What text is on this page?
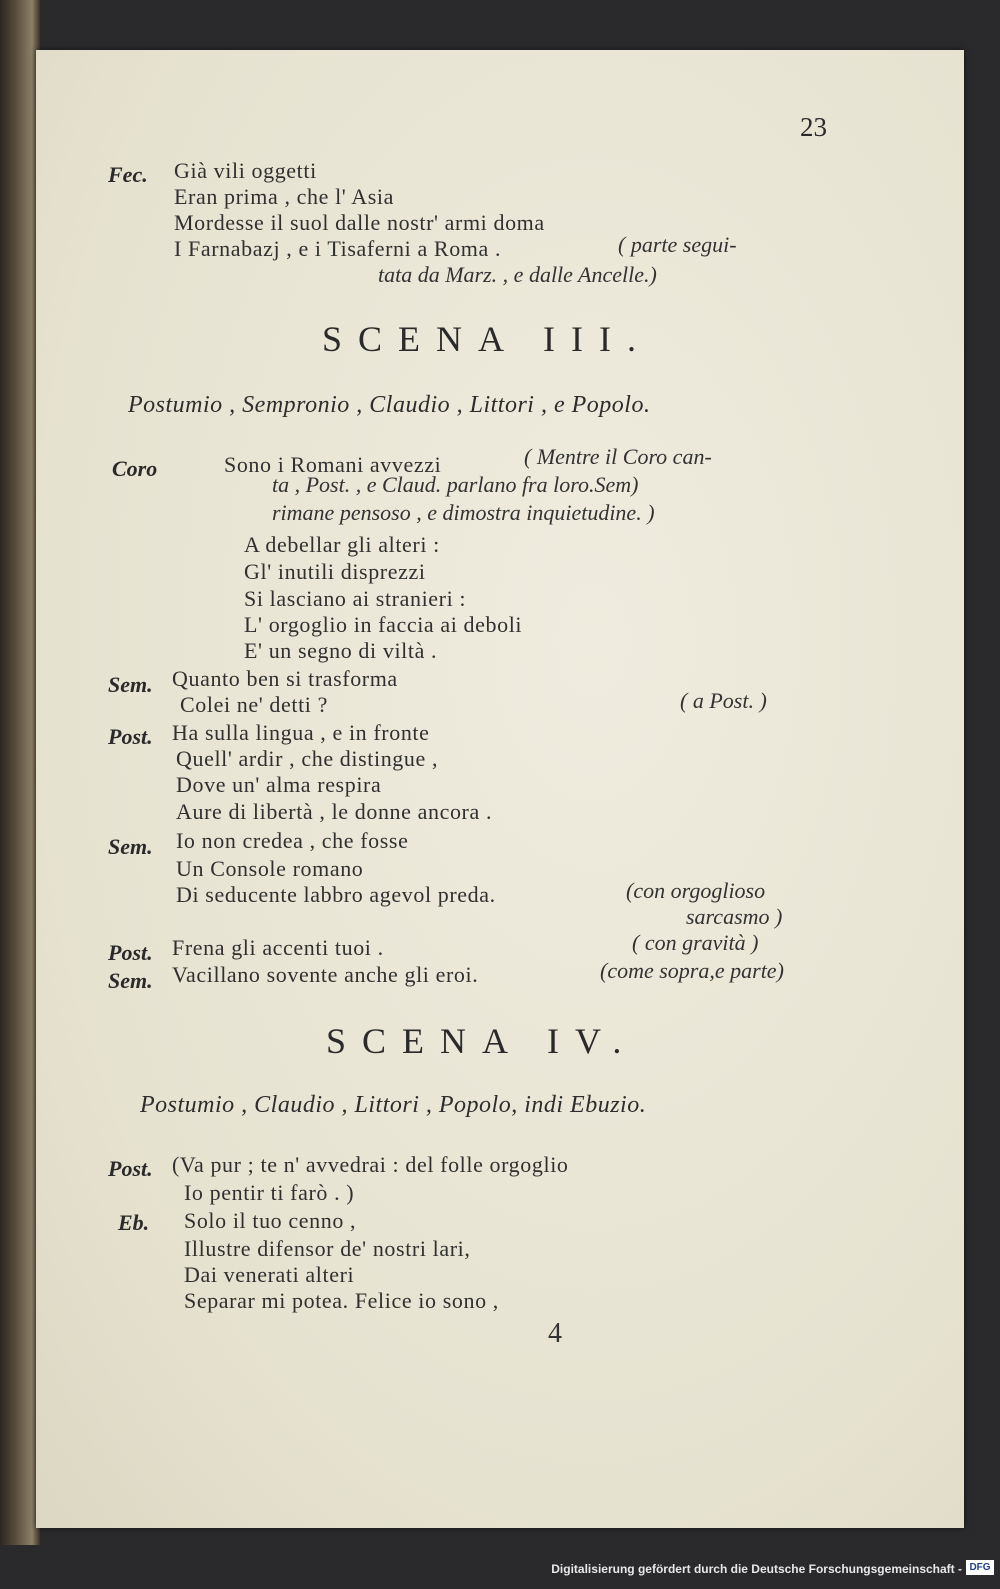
23
Fec. Già vili oggetti
Eran prima , che l' Asia
Mordesse il suol dalle nostr' armi doma
I Farnabazj , e i Tisaferni a Roma .	( parte segui-
tata da Marz. , e dalle Ancelle.)
SCENA III.
Postumio , Sempronio , Claudio , Littori , e Popolo.
Coro	Sono i Romani avvezzi	( Mentre il Coro can-
ta , Post. , e Claud. parlano fra loro.Sem)
rimane pensoso , e dimostra inquietudine. )
A debellar gli alteri :
Gl' inutili disprezzi
Si lasciano ai stranieri :
L' orgoglio in faccia ai deboli
E' un segno di viltà .
Sem. Quanto ben si trasforma
Colei ne' detti ?	( a Post. )
Post. Ha sulla lingua , e in fronte
Quell' ardir , che distingue ,
Dove un' alma respira
Aure di libertà , le donne ancora .
Sem. Io non credea , che fosse
Un Console romano
Di seducente labbro agevol preda.	(con orgoglioso
sarcasmo )
Post. Frena gli accenti tuoi .	( con gravità )
Sem. Vacillano sovente anche gli eroi.	(come sopra,e parte)
SCENA IV.
Postumio , Claudio , Littori , Popolo, indi Ebuzio.
Post. (Va pur ; te n' avvedrai : del folle orgoglio
Io pentir ti farò . )
Eb. Solo il tuo cenno ,
Illustre difensor de' nostri lari,
Dai venerati alteri
Separar mi potea. Felice io sono ,
4
Digitalisierung gefördert durch die Deutsche Forschungsgemeinschaft - DFG
